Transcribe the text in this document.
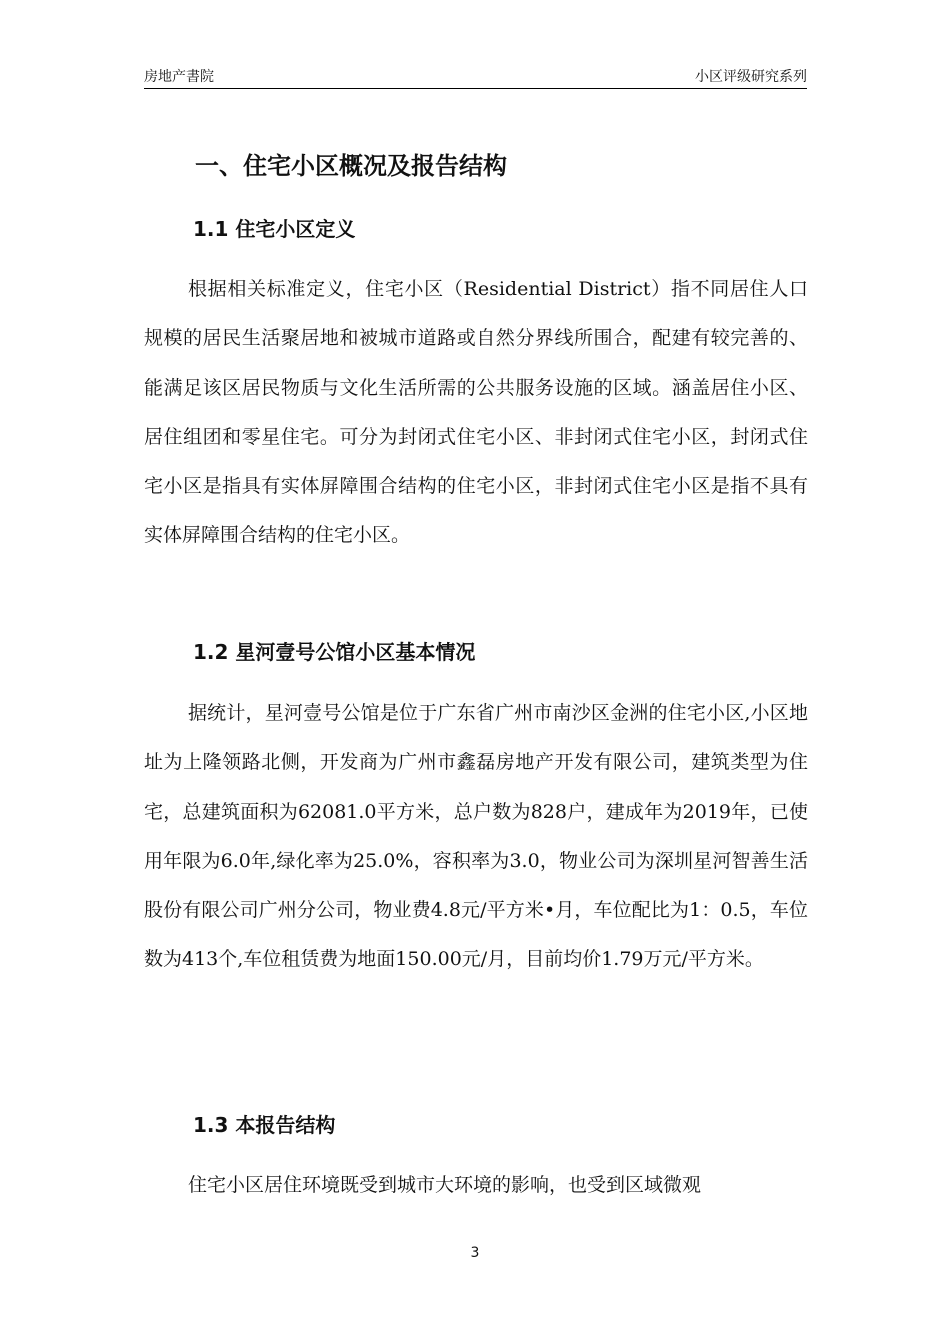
房地产書院	小区评级研究系列
一、住宅小区概况及报告结构
1.1 住宅小区定义

根据相关标准定义，住宅小区（Residential District）指不同居住人口规模的居民生活聚居地和被城市道路或自然分界线所围合，配建有较完善的、能满足该区居民物质与文化生活所需的公共服务设施的区域。涵盖居住小区、居住组团和零星住宅。可分为封闭式住宅小区、非封闭式住宅小区，封闭式住宅小区是指具有实体屏障围合结构的住宅小区，非封闭式住宅小区是指不具有实体屏障围合结构的住宅小区。

1.2 星河壹号公馆小区基本情况

据统计，星河壹号公馆是位于广东省广州市南沙区金洲的住宅小区,小区地址为上隆领路北侧，开发商为广州市鑫磊房地产开发有限公司，建筑类型为住宅，总建筑面积为62081.0平方米，总户数为828户，建成年为2019年，已使用年限为6.0年,绿化率为25.0%，容积率为3.0，物业公司为深圳星河智善生活股份有限公司广州分公司，物业费4.8元/平方米•月，车位配比为1：0.5，车位数为413个,车位租赁费为地面150.00元/月，目前均价1.79万元/平方米。

1.3 本报告结构

住宅小区居住环境既受到城市大环境的影响，也受到区域微观

3
